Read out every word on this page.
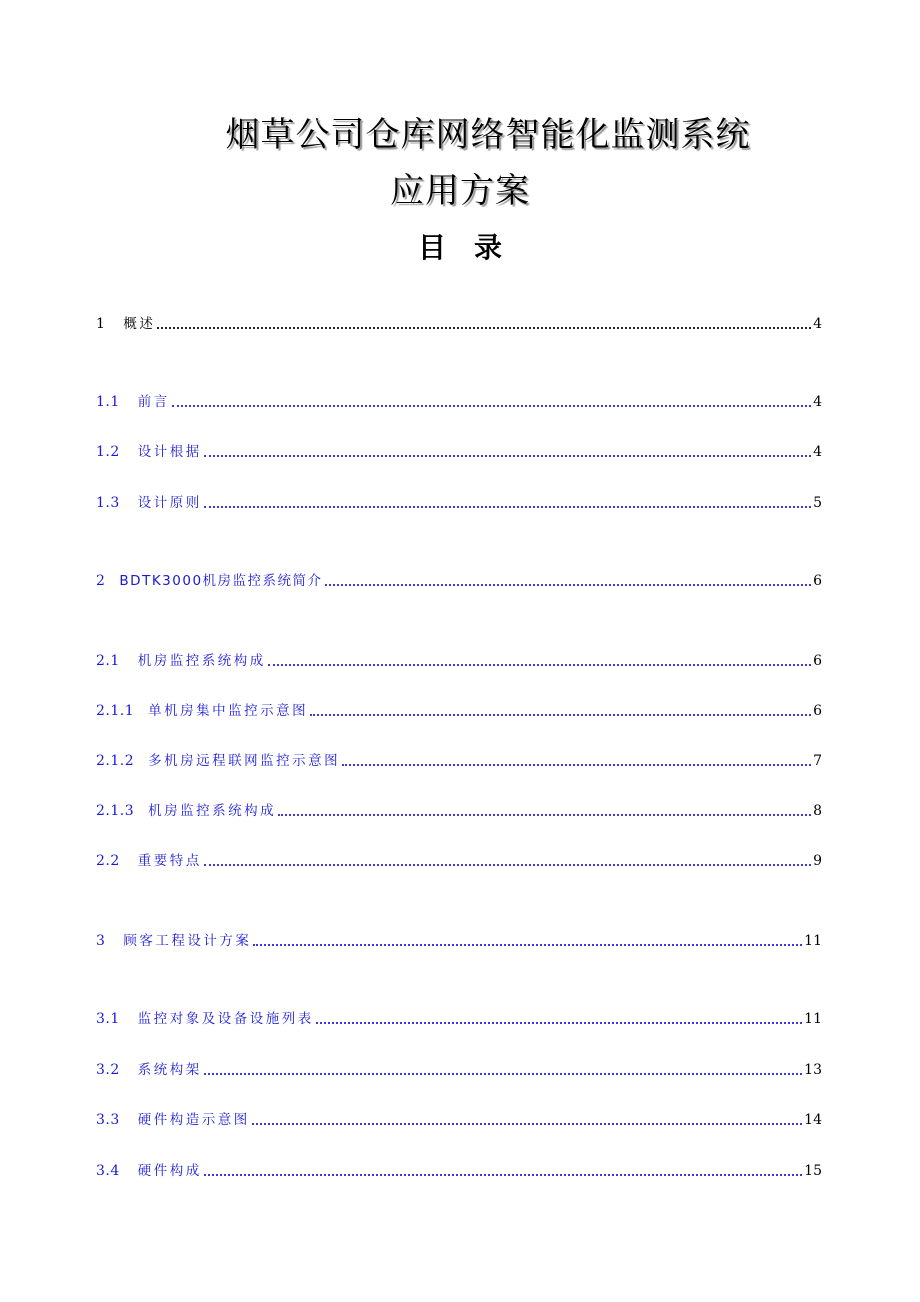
烟草公司仓库网络智能化监测系统
应用方案
目　录
1 概述	4
1.1 前言	4
1.2 设计根据	4
1.3 设计原则	5
2 BDTK3000机房监控系统简介	6
2.1 机房监控系统构成	6
2.1.1 单机房集中监控示意图	6
2.1.2 多机房远程联网监控示意图	7
2.1.3 机房监控系统构成	8
2.2 重要特点	9
3 顾客工程设计方案	11
3.1 监控对象及设备设施列表	11
3.2 系统构架	13
3.3 硬件构造示意图	14
3.4 硬件构成	15
